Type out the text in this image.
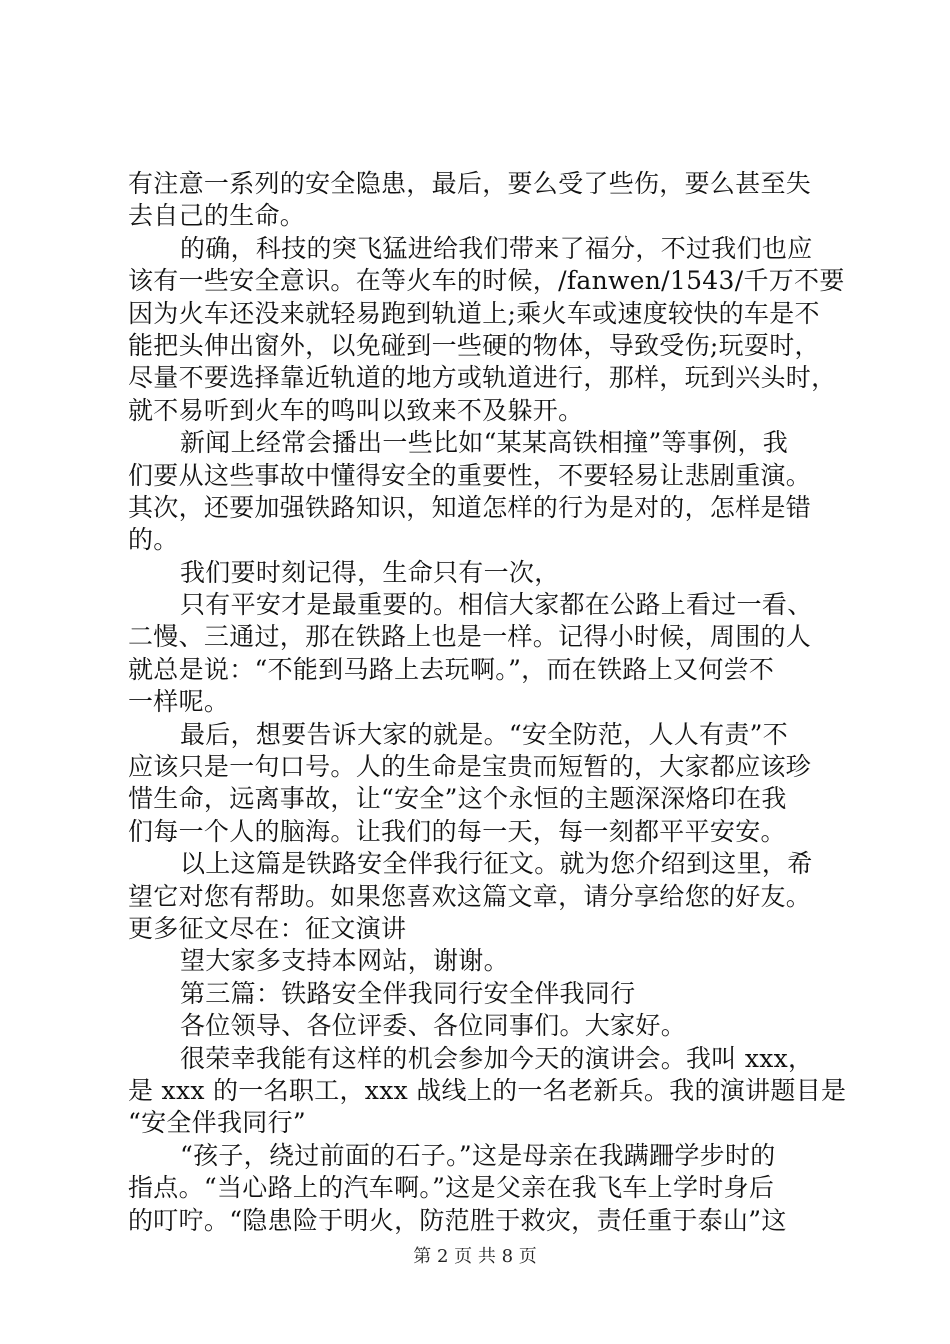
有注意一系列的安全隐患，最后，要么受了些伤，要么甚至失
去自己的生命。
的确，科技的突飞猛进给我们带来了福分，不过我们也应
该有一些安全意识。在等火车的时候，/fanwen/1543/千万不要
因为火车还没来就轻易跑到轨道上;乘火车或速度较快的车是不
能把头伸出窗外，以免碰到一些硬的物体，导致受伤;玩耍时，
尽量不要选择靠近轨道的地方或轨道进行，那样，玩到兴头时，
就不易听到火车的鸣叫以致来不及躲开。
新闻上经常会播出一些比如“某某高铁相撞”等事例，我
们要从这些事故中懂得安全的重要性，不要轻易让悲剧重演。
其次，还要加强铁路知识，知道怎样的行为是对的，怎样是错
的。
我们要时刻记得，生命只有一次，
只有平安才是最重要的。相信大家都在公路上看过一看、
二慢、三通过，那在铁路上也是一样。记得小时候，周围的人
就总是说：“不能到马路上去玩啊。”，而在铁路上又何尝不
一样呢。
最后，想要告诉大家的就是。“安全防范，人人有责”不
应该只是一句口号。人的生命是宝贵而短暂的，大家都应该珍
惜生命，远离事故，让“安全”这个永恒的主题深深烙印在我
们每一个人的脑海。让我们的每一天，每一刻都平平安安。
以上这篇是铁路安全伴我行征文。就为您介绍到这里，希
望它对您有帮助。如果您喜欢这篇文章，请分享给您的好友。
更多征文尽在：征文演讲
望大家多支持本网站，谢谢。
第三篇：铁路安全伴我同行安全伴我同行
各位领导、各位评委、各位同事们。大家好。
很荣幸我能有这样的机会参加今天的演讲会。我叫 xxx，
是 xxx 的一名职工，xxx 战线上的一名老新兵。我的演讲题目是
“安全伴我同行”
“孩子，绕过前面的石子。”这是母亲在我蹒跚学步时的
指点。“当心路上的汽车啊。”这是父亲在我飞车上学时身后
的叮咛。“隐患险于明火，防范胜于救灾，责任重于泰山”这
第 2 页 共 8 页
